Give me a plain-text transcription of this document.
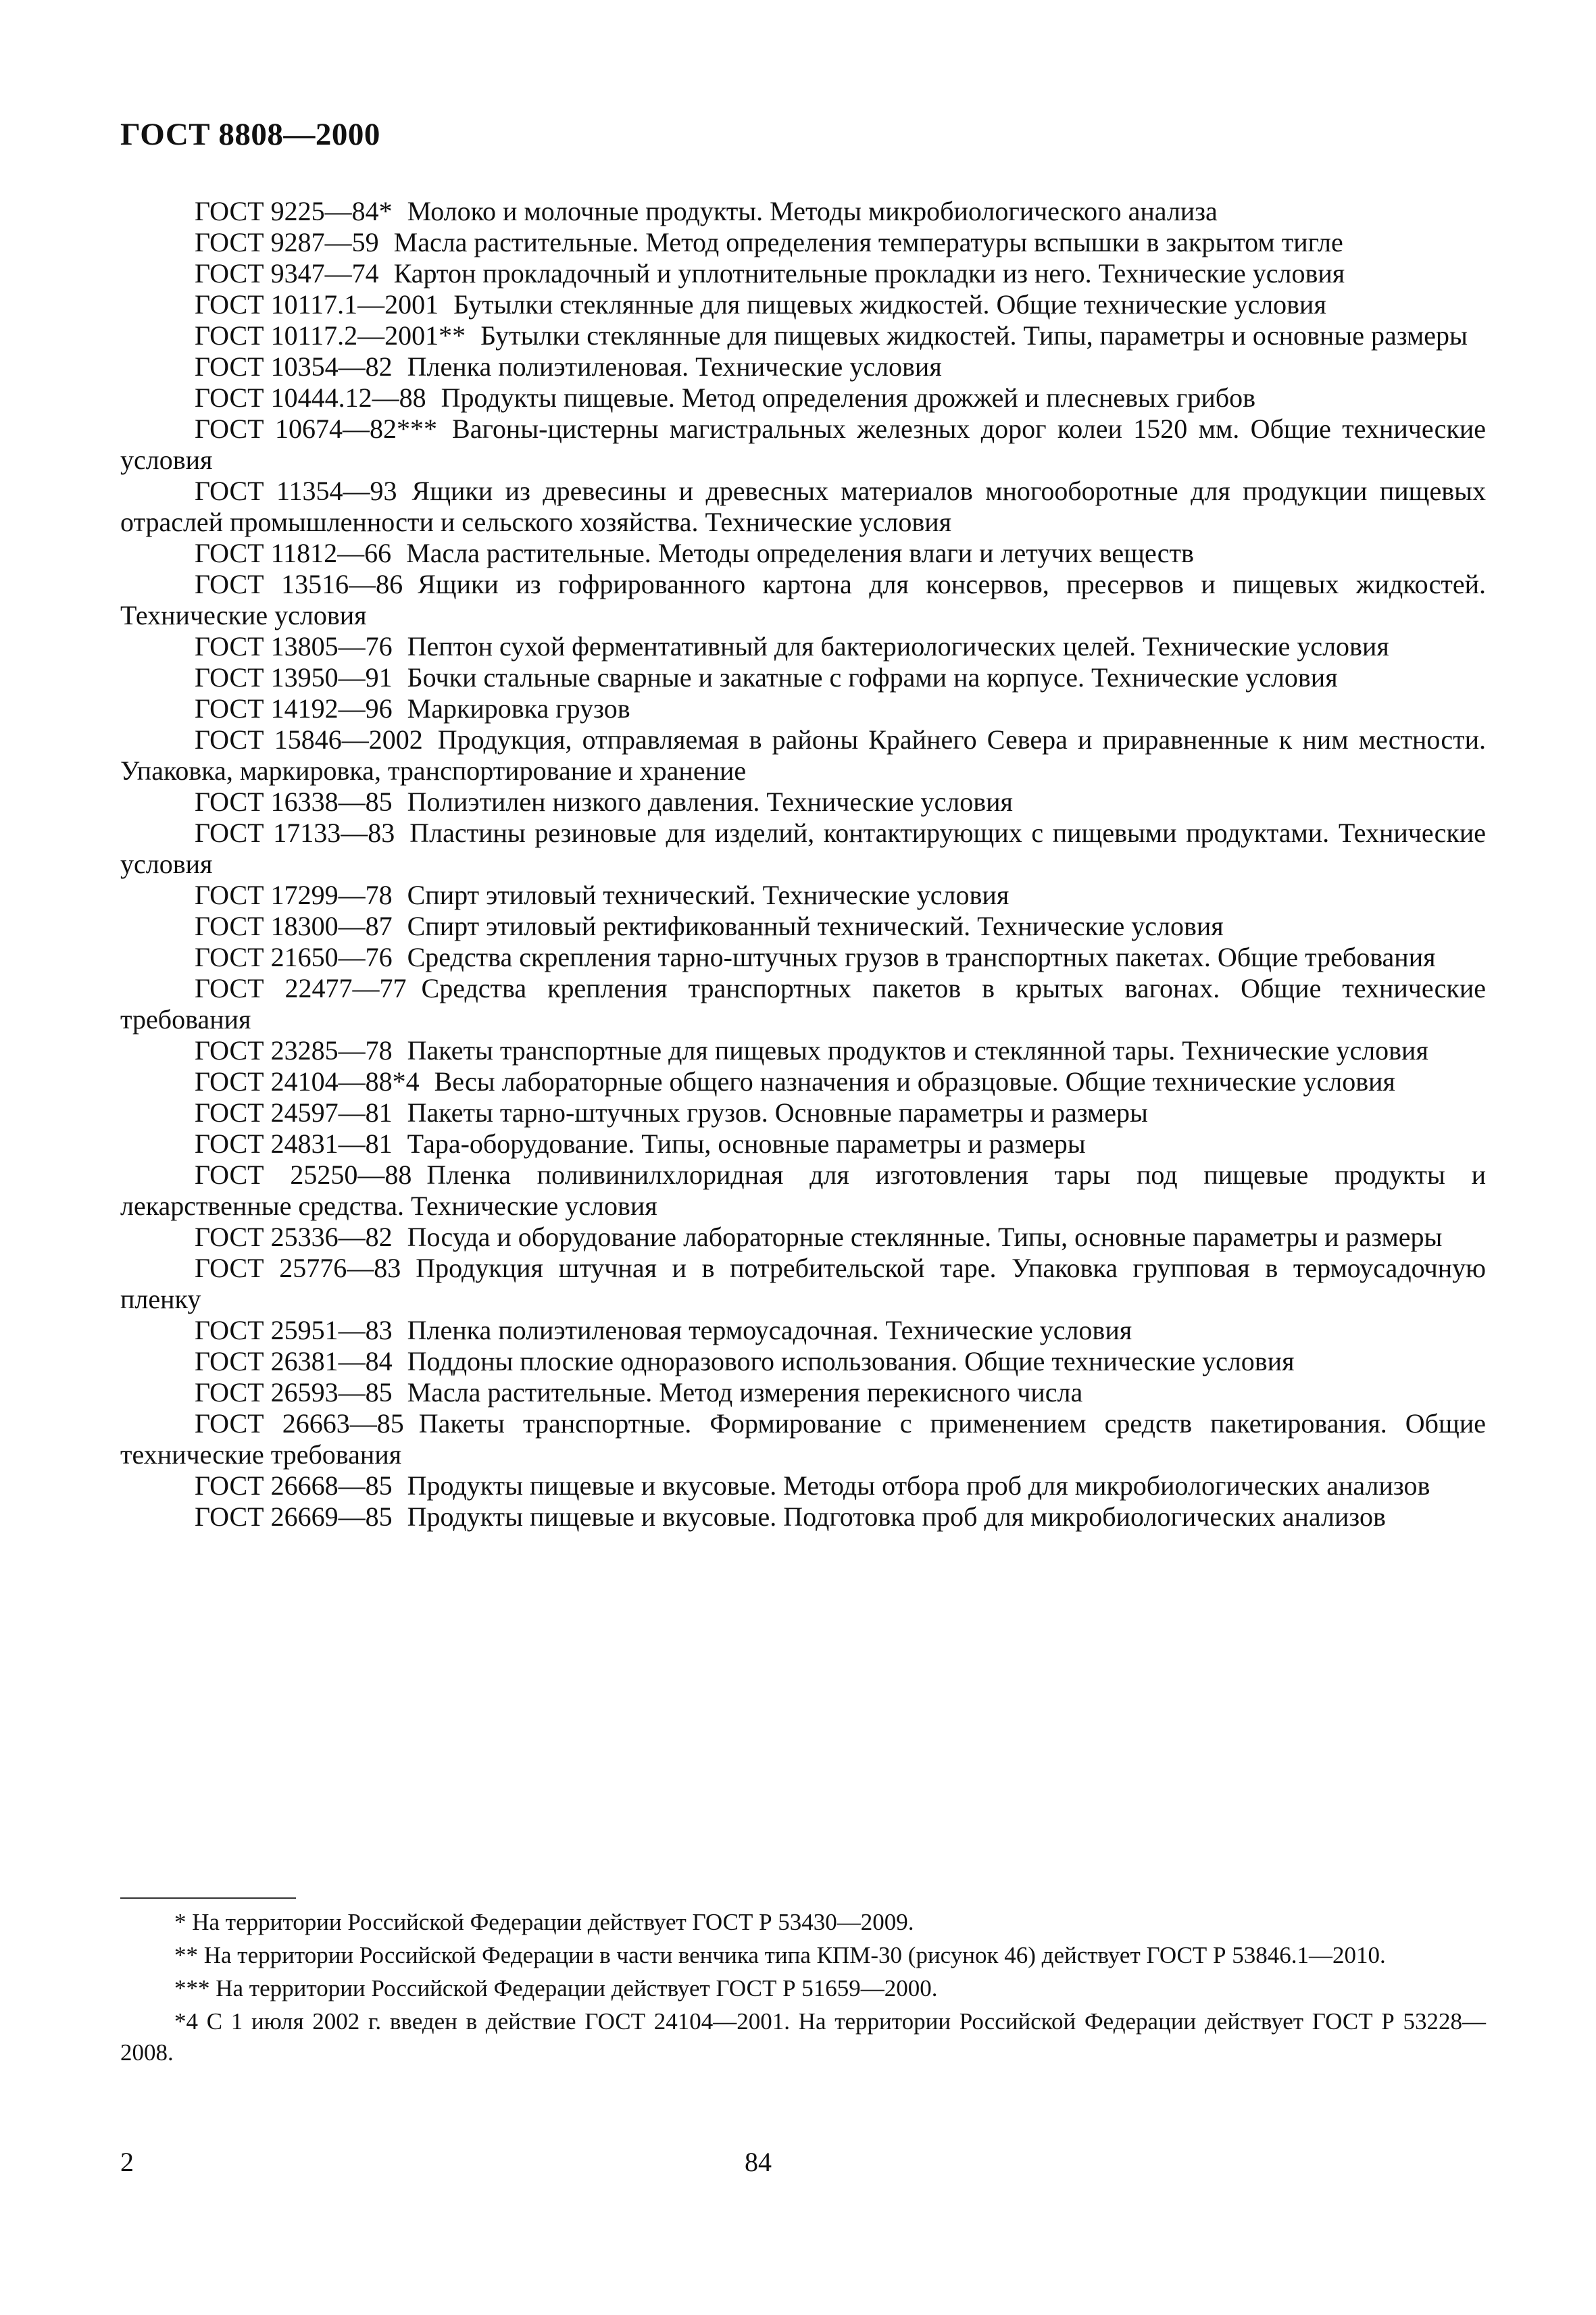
ГОСТ 8808—2000

ГОСТ 9225—84* Молоко и молочные продукты. Методы микробиологического анализа

ГОСТ 9287—59 Масла растительные. Метод определения температуры вспышки в закрытом тигле

ГОСТ 9347—74 Картон прокладочный и уплотнительные прокладки из него. Технические условия

ГОСТ 10117.1—2001 Бутылки стеклянные для пищевых жидкостей. Общие технические условия

ГОСТ 10117.2—2001** Бутылки стеклянные для пищевых жидкостей. Типы, параметры и основные размеры

ГОСТ 10354—82 Пленка полиэтиленовая. Технические условия

ГОСТ 10444.12—88 Продукты пищевые. Метод определения дрожжей и плесневых грибов

ГОСТ 10674—82*** Вагоны-цистерны магистральных железных дорог колеи 1520 мм. Общие технические условия

ГОСТ 11354—93 Ящики из древесины и древесных материалов многооборотные для продукции пищевых отраслей промышленности и сельского хозяйства. Технические условия

ГОСТ 11812—66 Масла растительные. Методы определения влаги и летучих веществ

ГОСТ 13516—86 Ящики из гофрированного картона для консервов, пресервов и пищевых жидкостей. Технические условия

ГОСТ 13805—76 Пептон сухой ферментативный для бактериологических целей. Технические условия

ГОСТ 13950—91 Бочки стальные сварные и закатные с гофрами на корпусе. Технические условия

ГОСТ 14192—96 Маркировка грузов

ГОСТ 15846—2002 Продукция, отправляемая в районы Крайнего Севера и приравненные к ним местности. Упаковка, маркировка, транспортирование и хранение

ГОСТ 16338—85 Полиэтилен низкого давления. Технические условия

ГОСТ 17133—83 Пластины резиновые для изделий, контактирующих с пищевыми продуктами. Технические условия

ГОСТ 17299—78 Спирт этиловый технический. Технические условия

ГОСТ 18300—87 Спирт этиловый ректификованный технический. Технические условия

ГОСТ 21650—76 Средства скрепления тарно-штучных грузов в транспортных пакетах. Общие требования

ГОСТ 22477—77 Средства крепления транспортных пакетов в крытых вагонах. Общие технические требования

ГОСТ 23285—78 Пакеты транспортные для пищевых продуктов и стеклянной тары. Технические условия

ГОСТ 24104—88*4 Весы лабораторные общего назначения и образцовые. Общие технические условия

ГОСТ 24597—81 Пакеты тарно-штучных грузов. Основные параметры и размеры

ГОСТ 24831—81 Тара-оборудование. Типы, основные параметры и размеры

ГОСТ 25250—88 Пленка поливинилхлоридная для изготовления тары под пищевые продукты и лекарственные средства. Технические условия

ГОСТ 25336—82 Посуда и оборудование лабораторные стеклянные. Типы, основные параметры и размеры

ГОСТ 25776—83 Продукция штучная и в потребительской таре. Упаковка групповая в термоусадочную пленку

ГОСТ 25951—83 Пленка полиэтиленовая термоусадочная. Технические условия

ГОСТ 26381—84 Поддоны плоские одноразового использования. Общие технические условия

ГОСТ 26593—85 Масла растительные. Метод измерения перекисного числа

ГОСТ 26663—85 Пакеты транспортные. Формирование с применением средств пакетирования. Общие технические требования

ГОСТ 26668—85 Продукты пищевые и вкусовые. Методы отбора проб для микробиологических анализов

ГОСТ 26669—85 Продукты пищевые и вкусовые. Подготовка проб для микробиологических анализов

* На территории Российской Федерации действует ГОСТ Р 53430—2009.

** На территории Российской Федерации в части венчика типа КПМ-30 (рисунок 46) действует ГОСТ Р 53846.1—2010.

*** На территории Российской Федерации действует ГОСТ Р 51659—2000.

*4 С 1 июля 2002 г. введен в действие ГОСТ 24104—2001. На территории Российской Федерации действует ГОСТ Р 53228—2008.

2	84
